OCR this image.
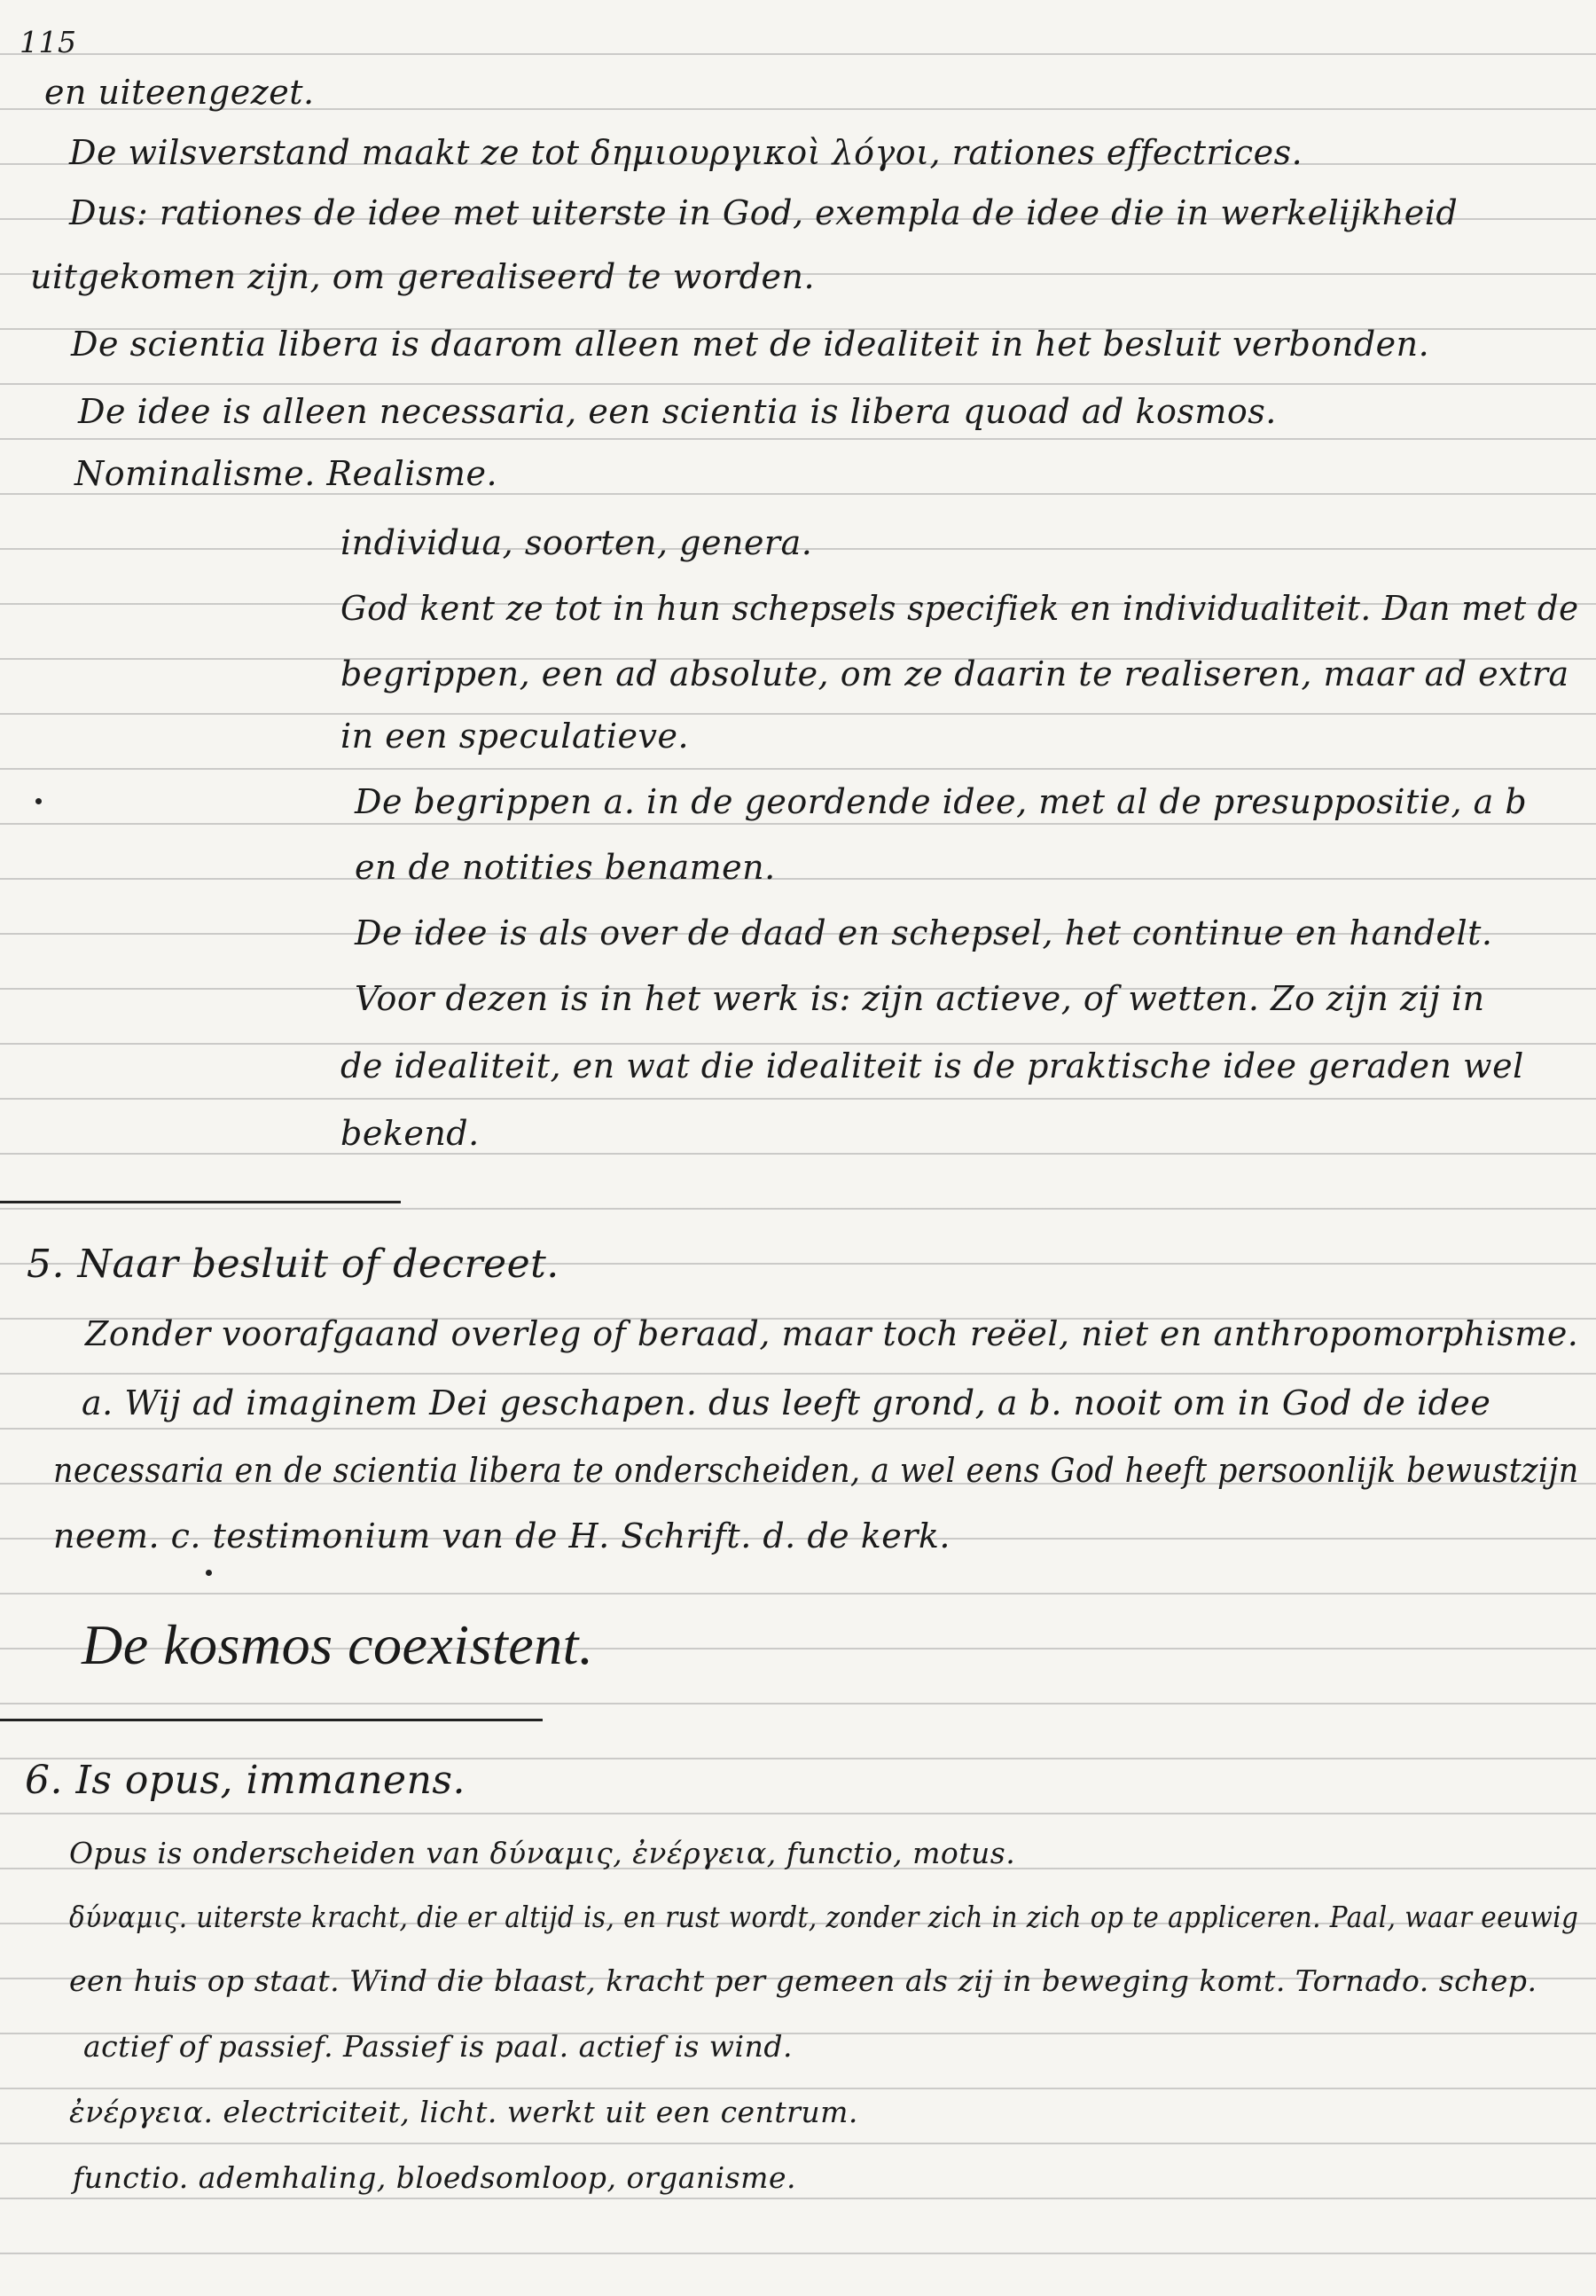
115
en uiteengezet.
De wilsverstand maakt ze tot δημιουργικοὶ λόγοι, rationes effectrices.
Dus: rationes de idee met uiterste in God, exempla de idee die in werkelijkheid
uitgekomen zijn, om gerealiseerd te worden.
De scientia libera is daarom alleen met de idealiteit in het besluit verbonden.
De idee is alleen necessaria, een scientia is libera quoad ad kosmos.
Nominalisme. Realisme.
individua, soorten, genera.
God kent ze tot in hun schepsels specifiek en individualiteit. Dan met de
begrippen, een ad absolute, om ze daarin te realiseren, maar ad extra
in een speculatieve.
De begrippen a. in de geordende idee, met al de presuppositie, a b
en de notities benamen.
De idee is als over de daad en schepsel, het continue en handelt.
Voor dezen is in het werk is: zijn actieve, of wetten. Zo zijn zij in
de idealiteit, en wat die idealiteit is de praktische idee geraden wel
bekend.
5. Naar besluit of decreet.
Zonder voorafgaand overleg of beraad, maar toch reëel, niet en anthropomorphisme.
a. Wij ad imaginem Dei geschapen. dus leeft grond, a b. nooit om in God de idee
necessaria en de scientia libera te onderscheiden, a wel eens God heeft persoonlijk bewustzijn
neem. c. testimonium van de H. Schrift. d. de kerk.
De kosmos coexistent.
6. Is opus, immanens.
Opus is onderscheiden van δύναμις, ἐνέργεια, functio, motus.
δύναμις. uiterste kracht, die er altijd is, en rust wordt, zonder zich in zich op te appliceren. Paal, waar eeuwig
een huis op staat. Wind die blaast, kracht per gemeen als zij in beweging komt. Tornado. schep.
actief of passief. Passief is paal. actief is wind.
ἐνέργεια. electriciteit, licht. werkt uit een centrum.
functio. ademhaling, bloedsomloop, organisme.
